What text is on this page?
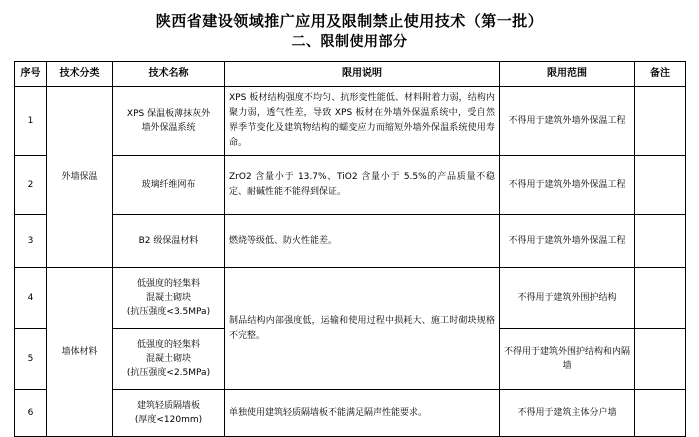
陕西省建设领域推广应用及限制禁止使用技术（第一批）
二、限制使用部分
序号	技术分类	技术名称	限用说明	限用范围	备注
1	外墙保温	XPS 保温板薄抹灰外
墙外保温系统	XPS 板材结构强度不均匀、抗形变性能低、材料附着力弱，结构内聚力弱，透气性差，导致 XPS 板材在外墙外保温系统中，受自然界季节变化及建筑物结构的蠕变应力而缩短外墙外保温系统使用寿命。	不得用于建筑外墙外保温工程	
2		玻璃纤维网布	ZrO2 含量小于 13.7%、TiO2 含量小于 5.5%的产品质量不稳定、耐碱性能不能得到保证。	不得用于建筑外墙外保温工程	
3		B2 级保温材料	燃烧等级低、防火性能差。	不得用于建筑外墙外保温工程	
4	墙体材料	低强度的轻集料
混凝土砌块
(抗压强度<3.5MPa)	制品结构内部强度低，运输和使用过程中损耗大、施工时砌块规格不完整。	不得用于建筑外围护结构	
5		低强度的轻集料
混凝土砌块
(抗压强度<2.5MPa)		不得用于建筑外围护结构和内隔墙	
6		建筑轻质隔墙板
(厚度<120mm)	单独使用建筑轻质隔墙板不能满足隔声性能要求。	不得用于建筑主体分户墙	
